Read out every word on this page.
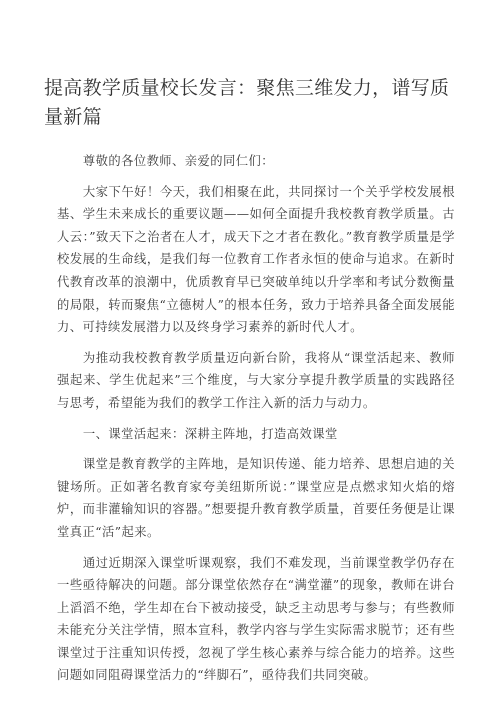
提高教学质量校长发言：聚焦三维发力，谱写质量新篇

尊敬的各位教师、亲爱的同仁们：

大家下午好！今天，我们相聚在此，共同探讨一个关乎学校发展根基、学生未来成长的重要议题——如何全面提升我校教育教学质量。古人云：”致天下之治者在人才，成天下之才者在教化。”教育教学质量是学校发展的生命线，是我们每一位教育工作者永恒的使命与追求。在新时代教育改革的浪潮中，优质教育早已突破单纯以升学率和考试分数衡量的局限，转而聚焦“立德树人”的根本任务，致力于培养具备全面发展能力、可持续发展潜力以及终身学习素养的新时代人才。

为推动我校教育教学质量迈向新台阶，我将从“课堂活起来、教师强起来、学生优起来”三个维度，与大家分享提升教学质量的实践路径与思考，希望能为我们的教学工作注入新的活力与动力。

一、课堂活起来：深耕主阵地，打造高效课堂

课堂是教育教学的主阵地，是知识传递、能力培养、思想启迪的关键场所。正如著名教育家夸美纽斯所说：”课堂应是点燃求知火焰的熔炉，而非灌输知识的容器。”想要提升教育教学质量，首要任务便是让课堂真正“活”起来。

通过近期深入课堂听课观察，我们不难发现，当前课堂教学仍存在一些亟待解决的问题。部分课堂依然存在“满堂灌”的现象，教师在讲台上滔滔不绝，学生却在台下被动接受，缺乏主动思考与参与；有些教师未能充分关注学情，照本宣科，教学内容与学生实际需求脱节；还有些课堂过于注重知识传授，忽视了学生核心素养与综合能力的培养。这些问题如同阻碍课堂活力的“绊脚石”，亟待我们共同突破。
